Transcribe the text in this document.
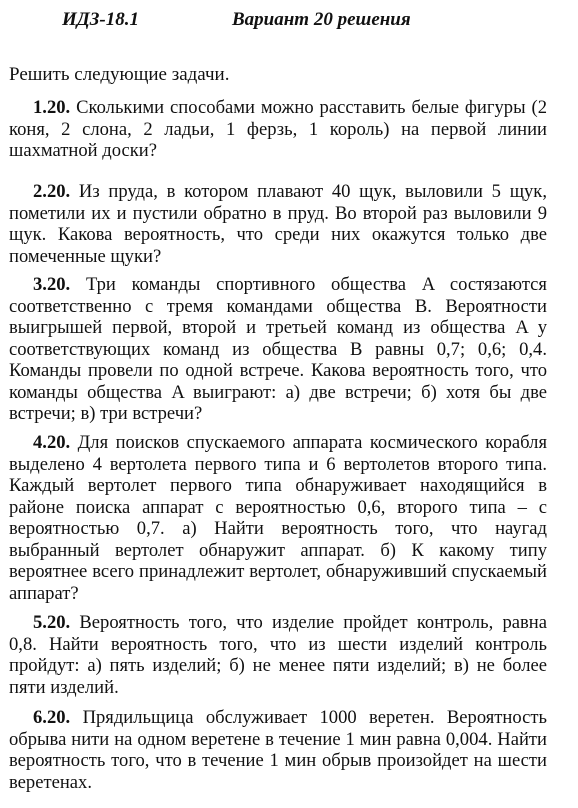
ИДЗ-18.1	Вариант 20 решения
Решить следующие задачи.
1.20. Сколькими способами можно расставить белые фигуры (2 коня, 2 слона, 2 ладьи, 1 ферзь, 1 король) на первой линии шахматной доски?
2.20. Из пруда, в котором плавают 40 щук, выловили 5 щук, пометили их и пустили обратно в пруд. Во второй раз выловили 9 щук. Какова вероятность, что среди них окажутся только две помеченные щуки?
3.20. Три команды спортивного общества A состязаются соответственно с тремя командами общества B. Вероятности выигрышей первой, второй и третьей команд из общества A у соответствующих команд из общества B равны 0,7; 0,6; 0,4. Команды провели по одной встрече. Какова вероятность того, что команды общества A выиграют: а) две встречи; б) хотя бы две встречи; в) три встречи?
4.20. Для поисков спускаемого аппарата космического корабля выделено 4 вертолета первого типа и 6 вертолетов второго типа. Каждый вертолет первого типа обнаруживает находящийся в районе поиска аппарат с вероятностью 0,6, второго типа – с вероятностью 0,7. а) Найти вероятность того, что наугад выбранный вертолет обнаружит аппарат. б) К какому типу вероятнее всего принадлежит вертолет, обнаруживший спускаемый аппарат?
5.20. Вероятность того, что изделие пройдет контроль, равна 0,8. Найти вероятность того, что из шести изделий контроль пройдут: а) пять изделий; б) не менее пяти изделий; в) не более пяти изделий.
6.20. Прядильщица обслуживает 1000 веретен. Вероятность обрыва нити на одном веретене в течение 1 мин равна 0,004. Найти вероятность того, что в течение 1 мин обрыв произойдет на шести веретенах.
